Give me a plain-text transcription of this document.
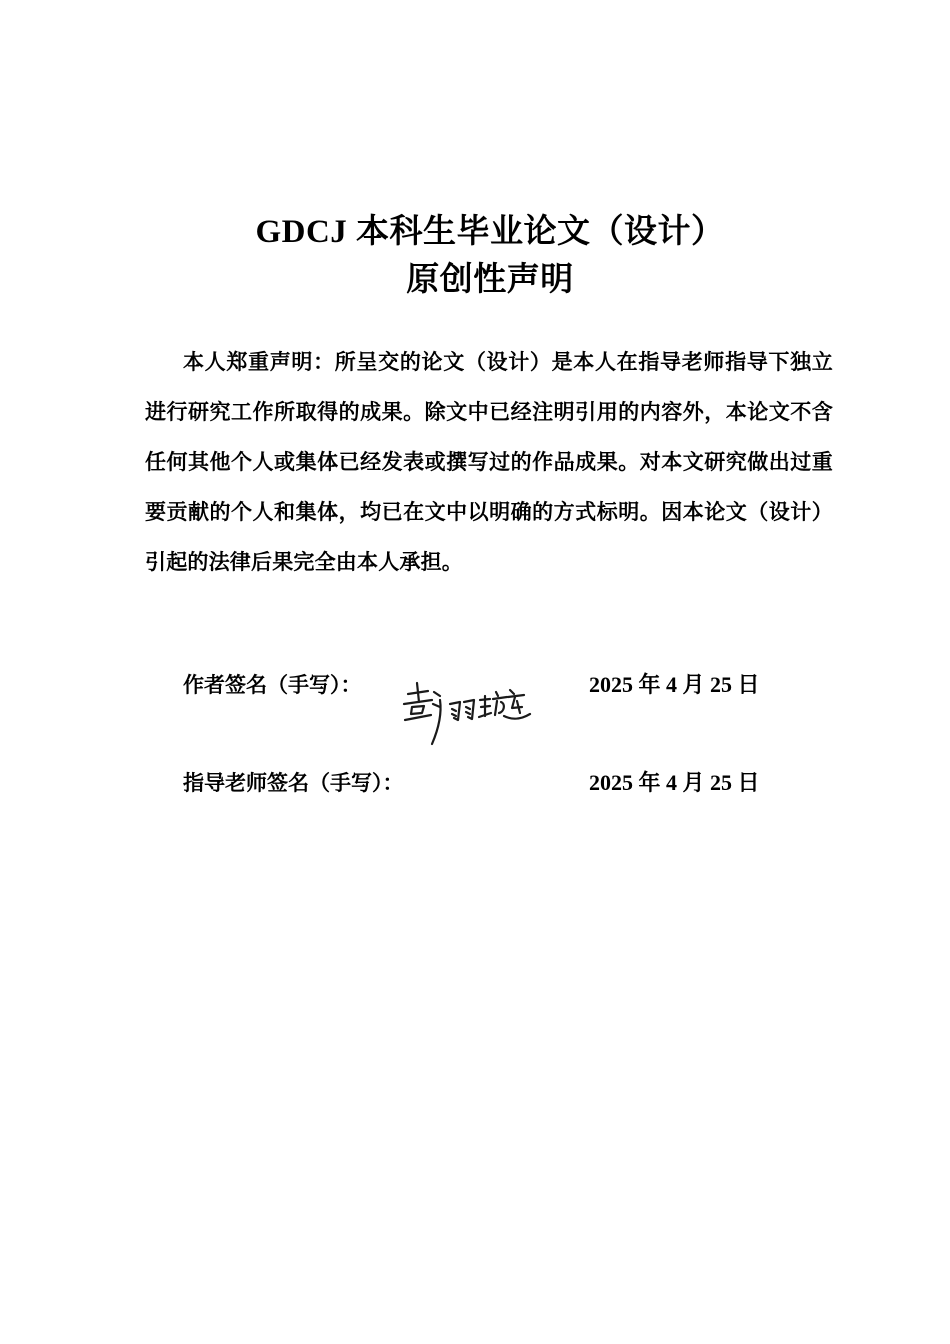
GDCJ 本科生毕业论文（设计）
原创性声明
本人郑重声明：所呈交的论文（设计）是本人在指导老师指导下独立进行研究工作所取得的成果。除文中已经注明引用的内容外，本论文不含任何其他个人或集体已经发表或撰写过的作品成果。对本文研究做出过重要贡献的个人和集体，均已在文中以明确的方式标明。因本论文（设计）引起的法律后果完全由本人承担。
作者签名（手写）：	2025 年 4 月 25 日
指导老师签名（手写）：	2025 年 4 月 25 日
